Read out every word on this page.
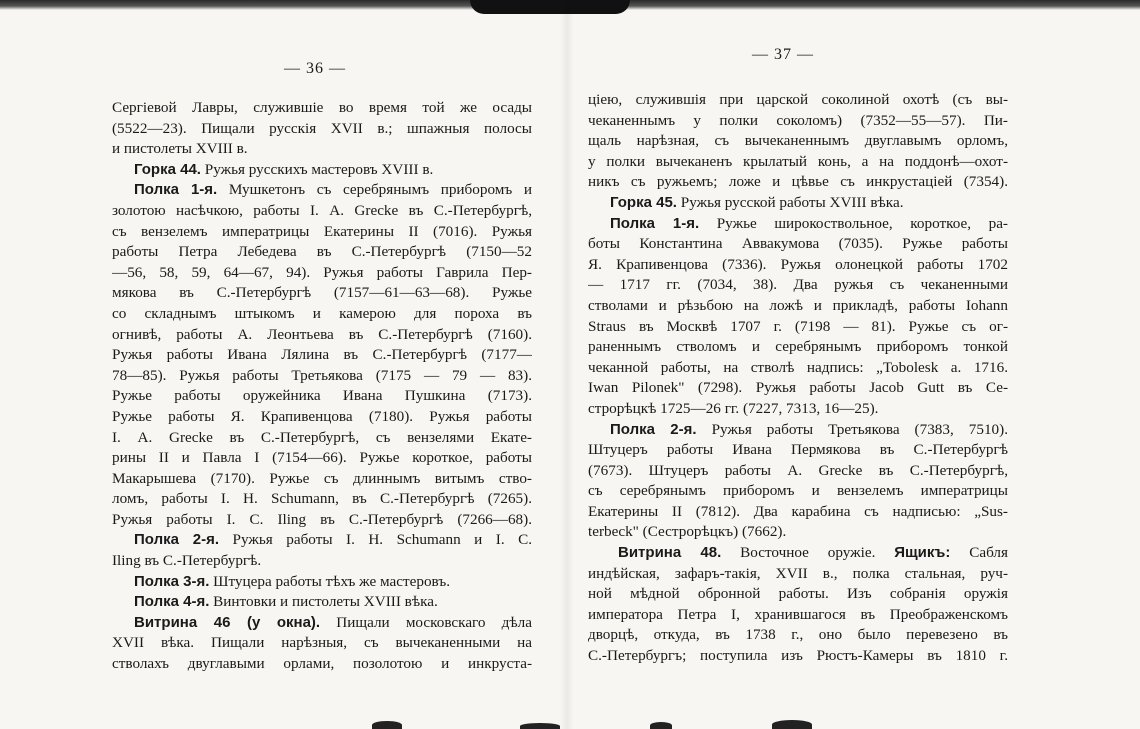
— 36 —
Сергіевой Лавры, служившіе во время той же осады
(5522—23). Пищали русскія XVII в.; шпажныя полосы
и пистолеты XVIII в.
Горка 44. Ружья русскихъ мастеровъ XVIII в.
Полка 1-я. Мушкетонъ съ серебрянымъ приборомъ и
золотою насѣчкою, работы І. А. Grecke въ С.-Петербургѣ,
съ вензелемъ императрицы Екатерины II (7016). Ружья
работы Петра Лебедева въ С.-Петербургѣ (7150—52
—56, 58, 59, 64—67, 94). Ружья работы Гаврила Пер-
мякова въ С.-Петербургѣ (7157—61—63—68). Ружье
со складнымъ штыкомъ и камерою для пороха въ
огнивѣ, работы А. Леонтьева въ С.-Петербургѣ (7160).
Ружья работы Ивана Лялина въ С.-Петербургѣ (7177—
78—85). Ружья работы Третьякова (7175 — 79 — 83).
Ружье работы оружейника Ивана Пушкина (7173).
Ружье работы Я. Крапивенцова (7180). Ружья работы
І. А. Grecke въ С.-Петербургѣ, съ вензелями Екате-
рины II и Павла I (7154—66). Ружье короткое, работы
Макарышева (7170). Ружье съ длиннымъ витымъ ство-
ломъ, работы І. Н. Schumann, въ С.-Петербургѣ (7265).
Ружья работы І. С. Iling въ С.-Петербургѣ (7266—68).
Полка 2-я. Ружья работы І. Н. Schumann и І. С.
Iling въ С.-Петербургѣ.
Полка 3-я. Штуцера работы тѣхъ же мастеровъ.
Полка 4-я. Винтовки и пистолеты XVIII вѣка.
Витрина 46 (у окна). Пищали московскаго дѣла
XVII вѣка. Пищали нарѣзныя, съ вычеканенными на
стволахъ двуглавыми орлами, позолотою и инкруста-
— 37 —
ціею, служившія при царской соколиной охотѣ (съ вы-
чеканеннымъ у полки соколомъ) (7352—55—57). Пи-
щаль нарѣзная, съ вычеканеннымъ двуглавымъ орломъ,
у полки вычеканенъ крылатый конь, а на поддонѣ—охот-
никъ съ ружьемъ; ложе и цѣвье съ инкрустаціей (7354).
Горка 45. Ружья русской работы XVIII вѣка.
Полка 1-я. Ружье широкоствольное, короткое, ра-
боты Константина Аввакумова (7035). Ружье работы
Я. Крапивенцова (7336). Ружья олонецкой работы 1702
— 1717 гг. (7034, 38). Два ружья съ чеканенными
стволами и рѣзьбою на ложѣ и прикладѣ, работы Iohann
Straus въ Москвѣ 1707 г. (7198 — 81). Ружье съ ог-
раненнымъ стволомъ и серебрянымъ приборомъ тонкой
чеканной работы, на стволѣ надпись: „Tobolesk a. 1716.
Iwan Pilonek" (7298). Ружья работы Jacob Gutt въ Се-
строрѣцкѣ 1725—26 гг. (7227, 7313, 16—25).
Полка 2-я. Ружья работы Третьякова (7383, 7510).
Штуцеръ работы Ивана Пермякова въ С.-Петербургѣ
(7673). Штуцеръ работы А. Grecke въ С.-Петербургѣ,
съ серебрянымъ приборомъ и вензелемъ императрицы
Екатерины II (7812). Два карабина съ надписью: „Sus-
terbeck" (Сестрорѣцкъ) (7662).
Витрина 48. Восточное оружіе. Ящикъ: Сабля
индѣйская, зафаръ-такія, XVII в., полка стальная, руч-
ной мѣдной обронной работы. Изъ собранія оружія
императора Петра I, хранившагося въ Преображенскомъ
дворцѣ, откуда, въ 1738 г., оно было перевезено въ
С.-Петербургъ; поступила изъ Рюстъ-Камеры въ 1810 г.
